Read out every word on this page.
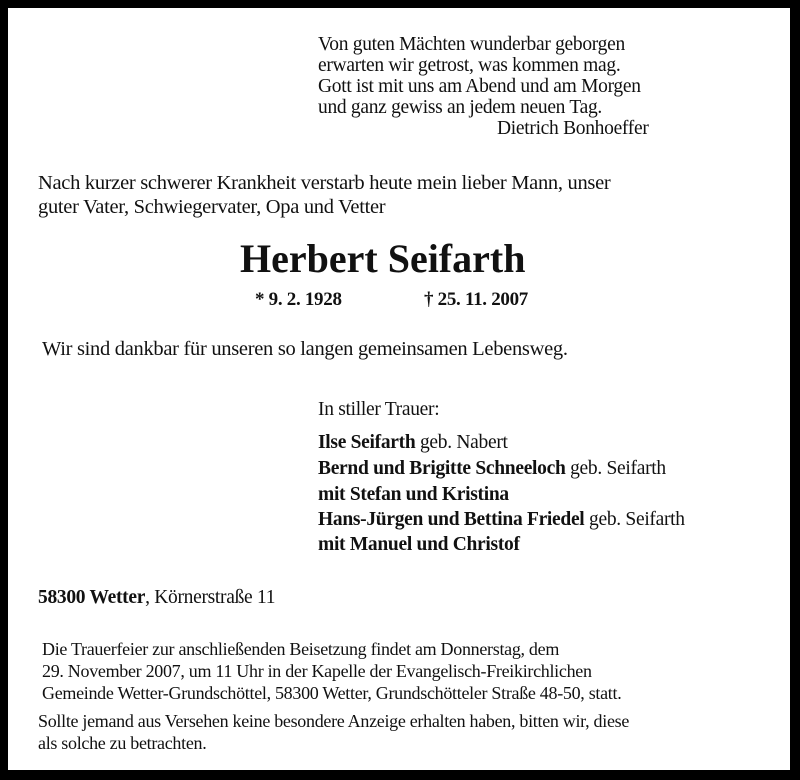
Von guten Mächten wunderbar geborgen
erwarten wir getrost, was kommen mag.
Gott ist mit uns am Abend und am Morgen
und ganz gewiss an jedem neuen Tag.
Dietrich Bonhoeffer
Nach kurzer schwerer Krankheit verstarb heute mein lieber Mann, unser
guter Vater, Schwiegervater, Opa und Vetter
Herbert Seifarth
* 9. 2. 1928	† 25. 11. 2007
Wir sind dankbar für unseren so langen gemeinsamen Lebensweg.
In stiller Trauer:
Ilse Seifarth geb. Nabert
Bernd und Brigitte Schneeloch geb. Seifarth
mit Stefan und Kristina
Hans-Jürgen und Bettina Friedel geb. Seifarth
mit Manuel und Christof
58300 Wetter, Körnerstraße 11
Die Trauerfeier zur anschließenden Beisetzung findet am Donnerstag, dem
29. November 2007, um 11 Uhr in der Kapelle der Evangelisch-Freikirchlichen
Gemeinde Wetter-Grundschöttel, 58300 Wetter, Grundschötteler Straße 48-50, statt.
Sollte jemand aus Versehen keine besondere Anzeige erhalten haben, bitten wir, diese
als solche zu betrachten.
